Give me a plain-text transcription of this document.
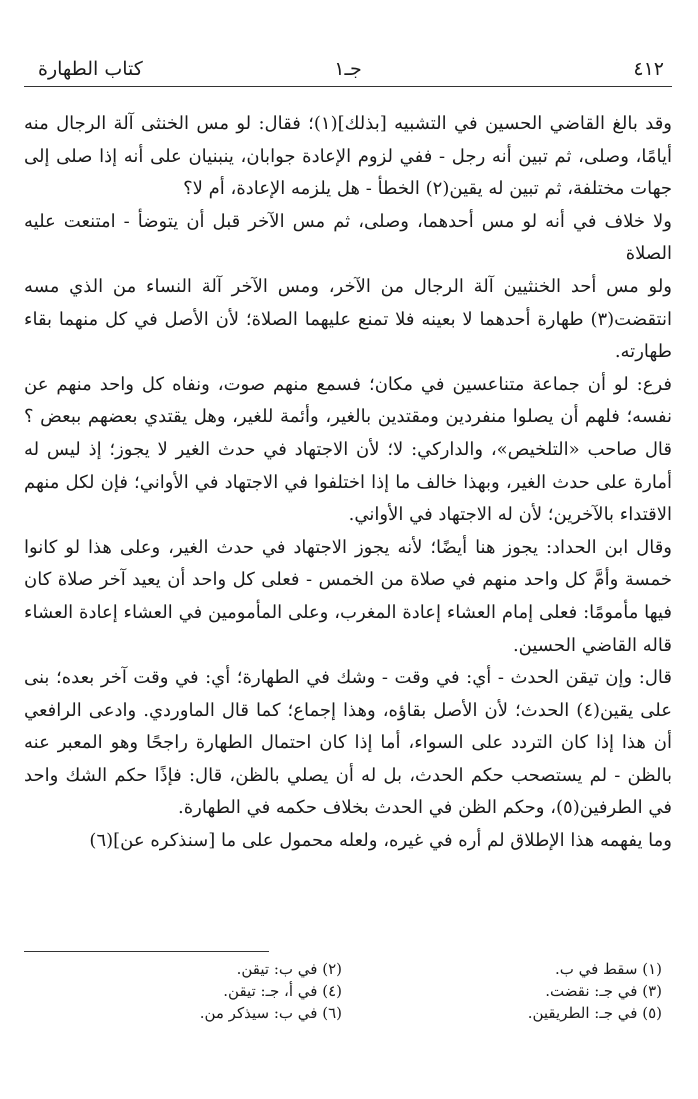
٤١٢
جـ١
كتاب الطهارة

وقد بالغ القاضي الحسين في التشبيه [بذلك](١)؛ فقال: لو مس الخنثى آلة الرجال منه أيامًا، وصلى، ثم تبين أنه رجل - ففي لزوم الإعادة جوابان، ينبنيان على أنه إذا صلى إلى جهات مختلفة، ثم تبين له يقين(٢) الخطأ - هل يلزمه الإعادة، أم لا؟

ولا خلاف في أنه لو مس أحدهما، وصلى، ثم مس الآخر قبل أن يتوضأ - امتنعت عليه الصلاة

ولو مس أحد الخنثيين آلة الرجال من الآخر، ومس الآخر آلة النساء من الذي مسه انتقضت(٣) طهارة أحدهما لا بعينه فلا تمنع عليهما الصلاة؛ لأن الأصل في كل منهما بقاء طهارته.

فرع: لو أن جماعة متناعسين في مكان؛ فسمع منهم صوت، ونفاه كل واحد منهم عن نفسه؛ فلهم أن يصلوا منفردين ومقتدين بالغير، وأئمة للغير، وهل يقتدي بعضهم ببعض ؟ قال صاحب «التلخيص»، والداركي: لا؛ لأن الاجتهاد في حدث الغير لا يجوز؛ إذ ليس له أمارة على حدث الغير، وبهذا خالف ما إذا اختلفوا في الاجتهاد في الأواني؛ فإن لكل منهم الاقتداء بالآخرين؛ لأن له الاجتهاد في الأواني.

وقال ابن الحداد: يجوز هنا أيضًا؛ لأنه يجوز الاجتهاد في حدث الغير، وعلى هذا لو كانوا خمسة وأمَّ كل واحد منهم في صلاة من الخمس - فعلى كل واحد أن يعيد آخر صلاة كان فيها مأمومًا: فعلى إمام العشاء إعادة المغرب، وعلى المأمومين في العشاء إعادة العشاء قاله القاضي الحسين.

قال: وإن تيقن الحدث - أي: في وقت - وشك في الطهارة؛ أي: في وقت آخر بعده؛ بنى على يقين(٤) الحدث؛ لأن الأصل بقاؤه، وهذا إجماع؛ كما قال الماوردي. وادعى الرافعي أن هذا إذا كان التردد على السواء، أما إذا كان احتمال الطهارة راجحًا وهو المعبر عنه بالظن - لم يستصحب حكم الحدث، بل له أن يصلي بالظن، قال: فإذًا حكم الشك واحد في الطرفين(٥)، وحكم الظن في الحدث بخلاف حكمه في الطهارة.

وما يفهمه هذا الإطلاق لم أره في غيره، ولعله محمول على ما [سنذكره عن](٦)

(١) سقط في ب.
(٢) في ب: تيقن.
(٣) في جـ: نقضت.
(٤) في أ، جـ: تيقن.
(٥) في جـ: الطريقين.
(٦) في ب: سيذكر من.
